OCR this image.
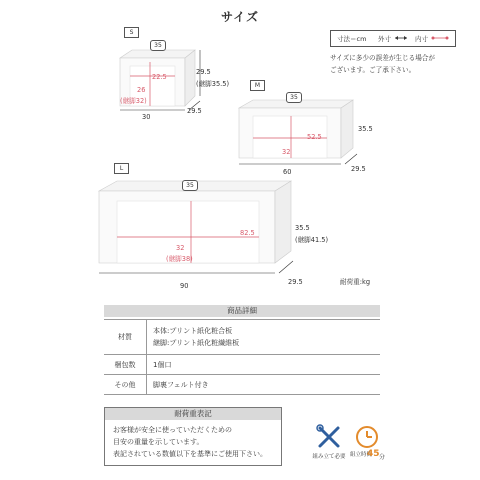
サイズ
寸法＝cm 外寸	内寸
サイズに多少の誤差が生じる場合が
ございます。ご了承下さい。
S
35
22.5
26
(継脚32)
29.5
(継脚35.5)
30
29.5
M
35
52.5
32
35.5
60	29.5
L
35
82.5
32
(継脚38)
35.5
(継脚41.5)
90	29.5	耐荷重:kg
商品詳細
材質	本体:プリント紙化粧合板
継脚:プリント紙化粧繊維板

梱包数	1個口
その他	脚裏フェルト付き
耐荷重表記
お客様が安全に使っていただくための
目安の重量を示しています。
表記されている数値以下を基準にご使用下さい。	組み立て必要 組立時間
45 分
